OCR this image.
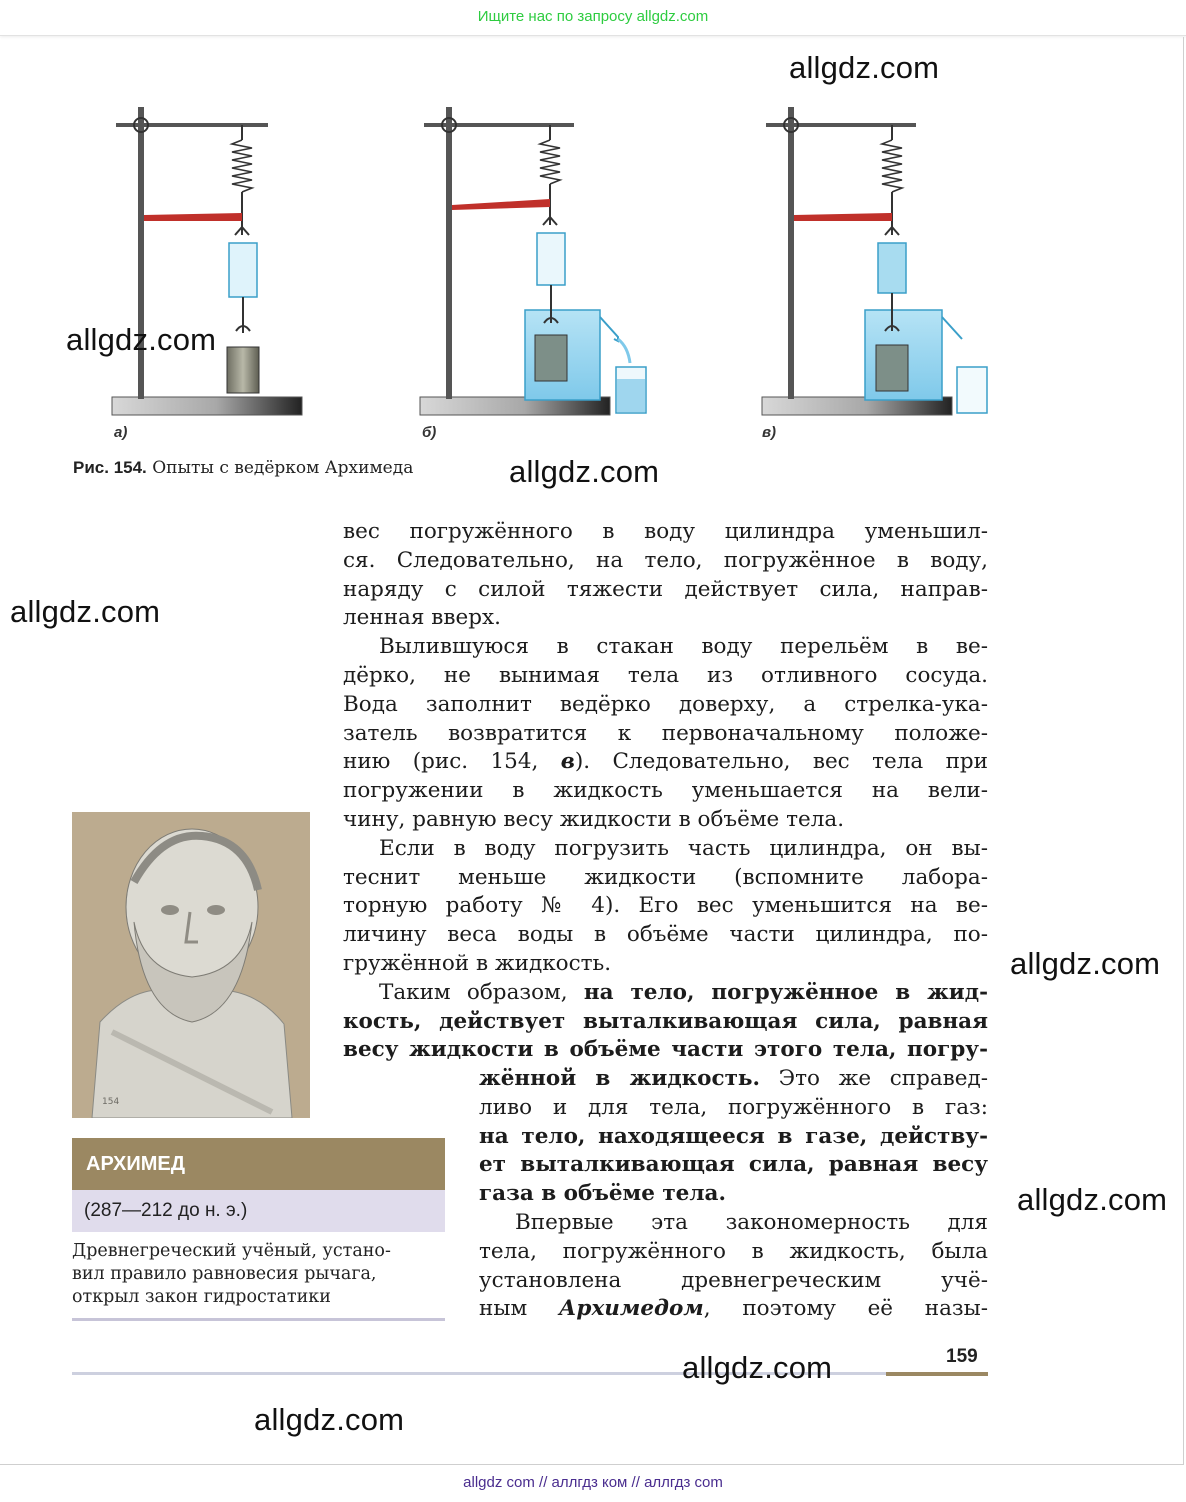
Ищите нас по запросу allgdz.com
а)	б)	в)
Рис. 154. Опыты с ведёрком Архимеда

вес погружённого в воду цилиндра уменьшил-
ся. Следовательно, на тело, погружённое в воду,
наряду с силой тяжести действует сила, направ-
ленная вверх.

Вылившуюся в стакан воду перельём в ве-
дёрко, не вынимая тела из отливного сосуда.
Вода заполнит ведёрко доверху, а стрелка-ука-
затель возвратится к первоначальному положе-
нию (рис. 154, в). Следовательно, вес тела при
погружении в жидкость уменьшается на вели-
чину, равную весу жидкости в объёме тела.

Если в воду погрузить часть цилиндра, он вы-
теснит меньше жидкости (вспомните лабора-
торную работу № 4). Его вес уменьшится на ве-
личину веса воды в объёме части цилиндра, по-
гружённой в жидкость.

Таким образом, на тело, погружённое в жид-
кость, действует выталкивающая сила, равная
весу жидкости в объёме части этого тела, погру-

жённой в жидкость. Это же справед-
ливо и для тела, погружённого в газ:
на тело, находящееся в газе, действу-
ет выталкивающая сила, равная весу
газа в объёме тела.

Впервые эта закономерность для
тела, погружённого в жидкость, была
установлена древнегреческим учё-
ным Архимедом, поэтому её назы-

154
АРХИМЕД
(287—212 до н. э.)
Древнегреческий учёный, устано-
вил правило равновесия рычага,
открыл закон гидростатики
159
allgdz.com
allgdz.com
allgdz.com
allgdz.com
allgdz.com
allgdz.com
allgdz.com
allgdz.com
allgdz com // аллгдз ком // аллгдз com
